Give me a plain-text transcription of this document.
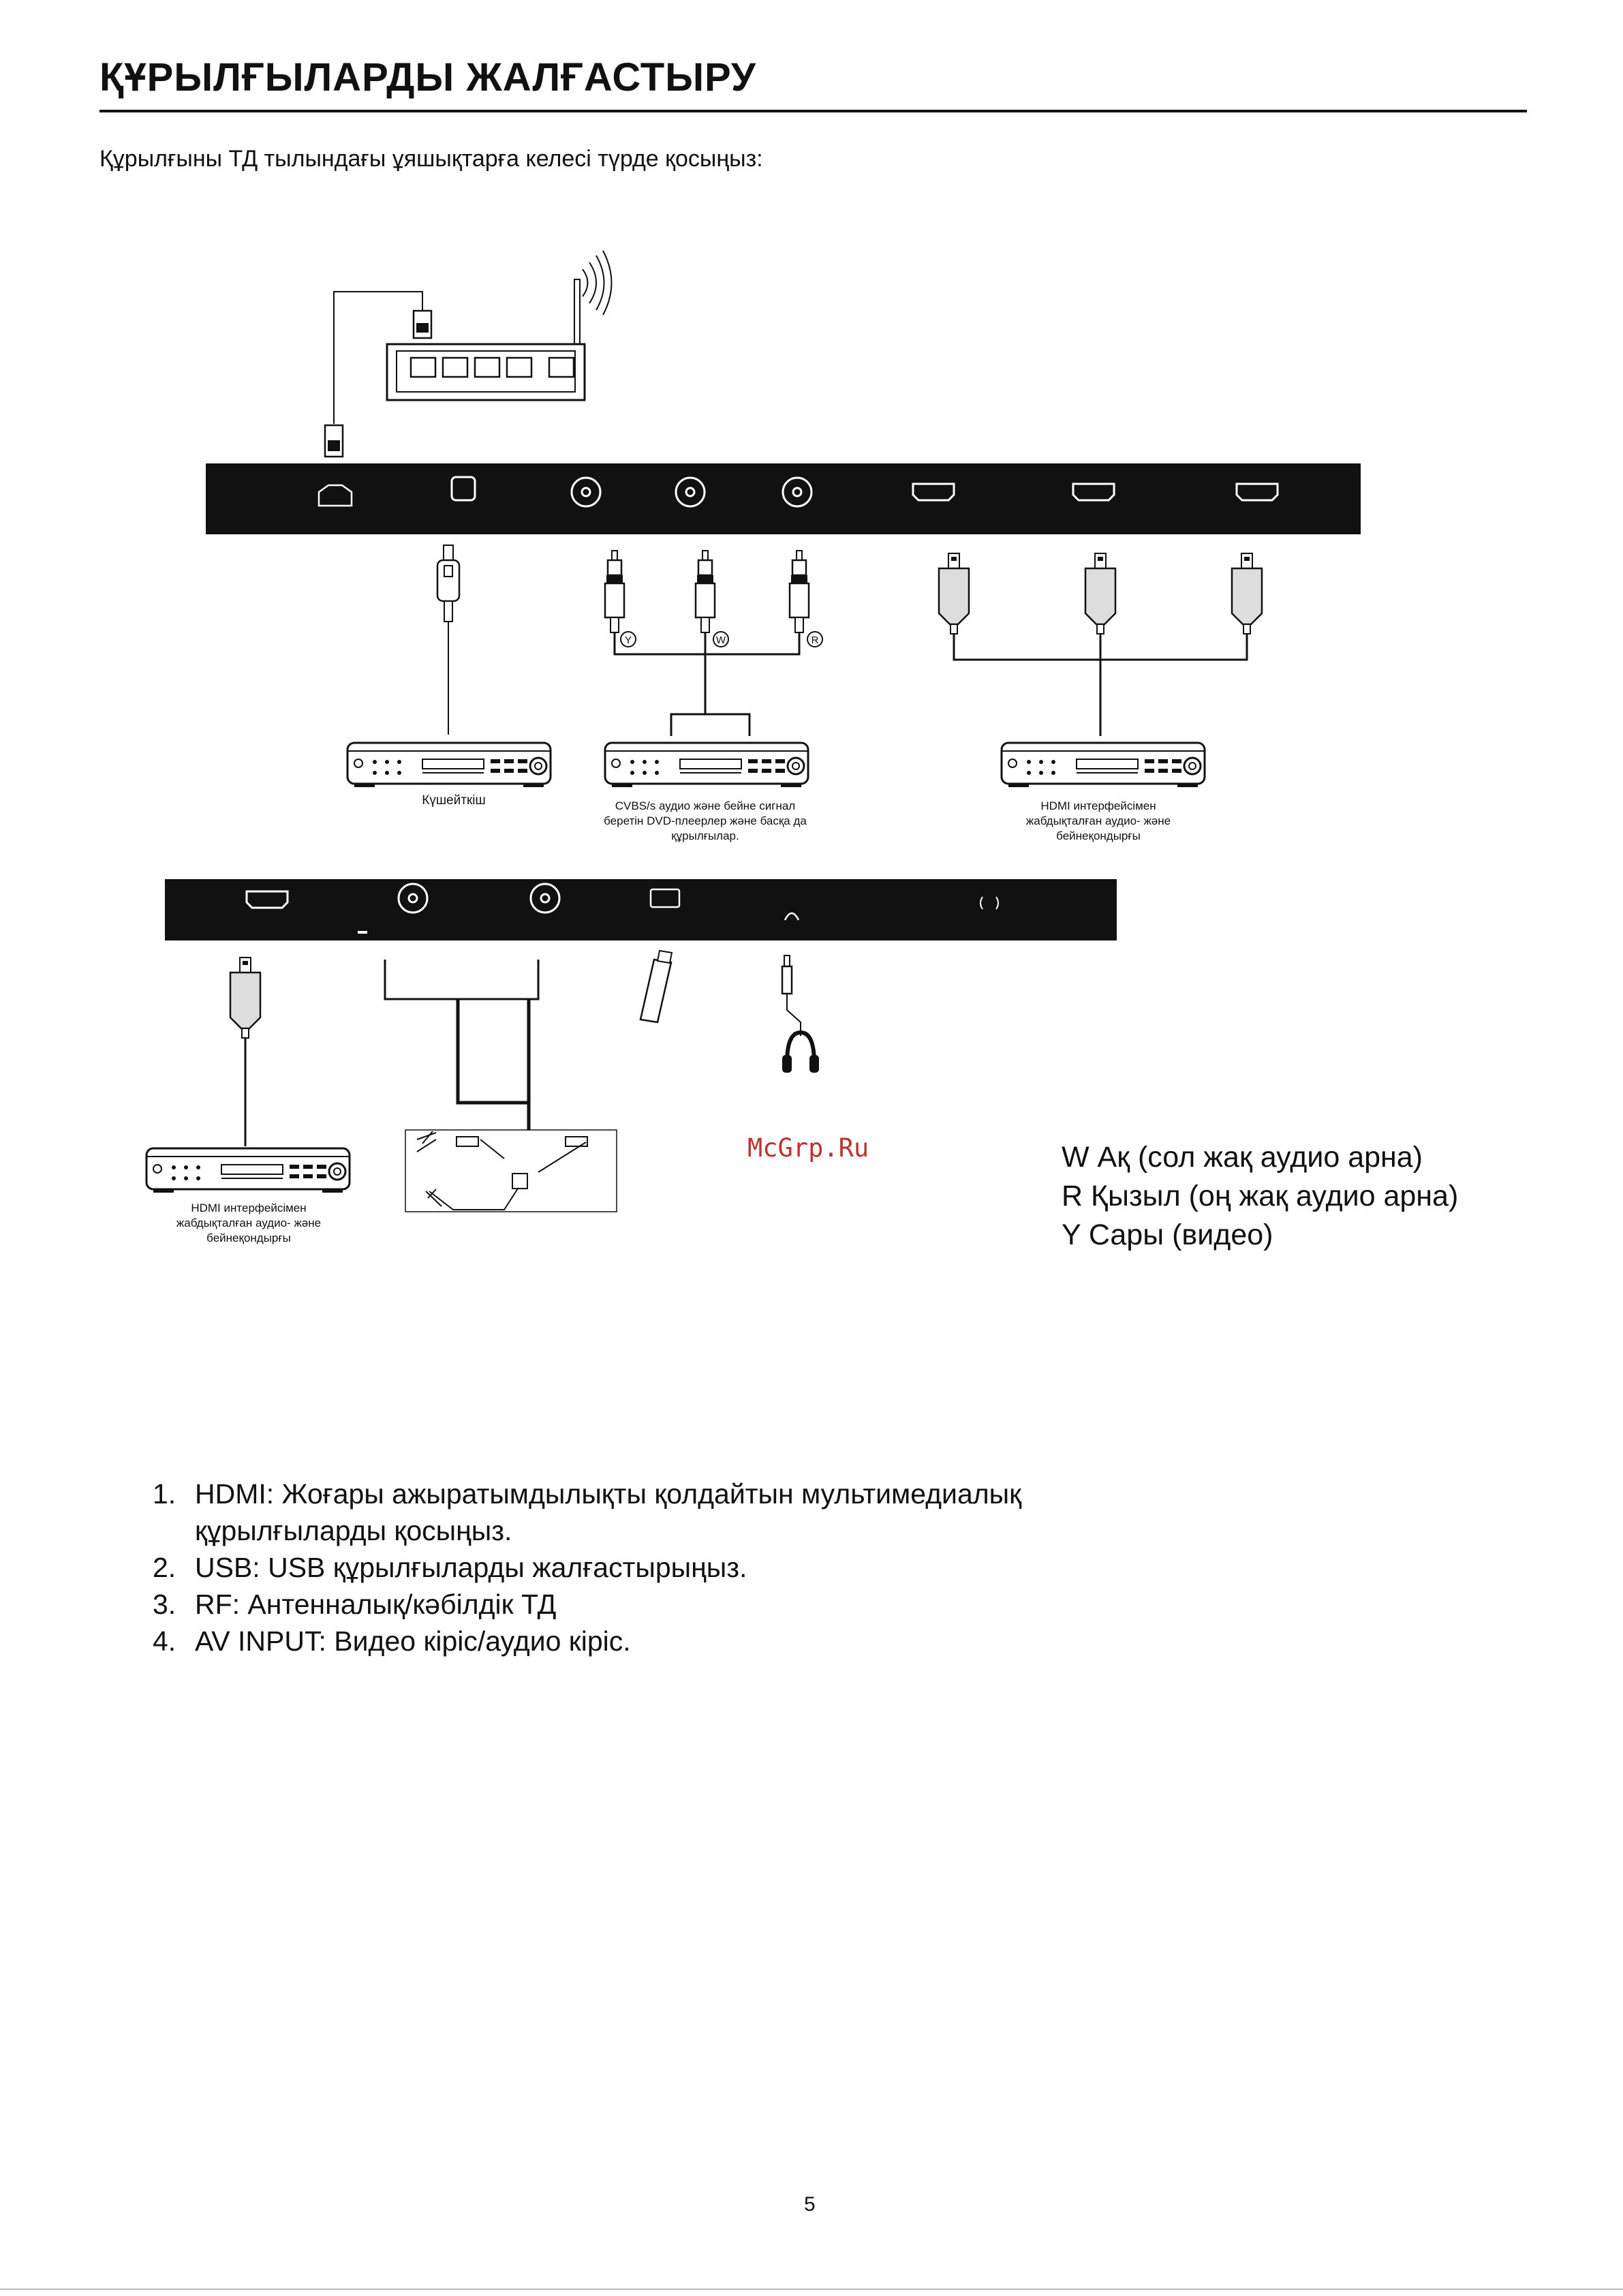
ҚҰРЫЛҒЫЛАРДЫ ЖАЛҒАСТЫРУ
Құрылғыны ТД тылындағы ұяшықтарға келесі түрде қосыңыз:
Y	W	R
Күшейткіш	CVBS/s аудио және бейне сигнал
беретін DVD-плеерлер және басқа да
құрылғылар.
HDMI интерфейсімен
жабдықталған аудио- және
бейнеқондырғы
HDMI интерфейсімен
жабдықталған аудио- және
бейнеқондырғы
McGrp.Ru	W Ақ (сол жақ аудио арна)
R Қызыл (оң жақ аудио арна)
Y Сары (видео)
1. HDMI: Жоғары ажыратымдылықты қолдайтын мультимедиалық құрылғыларды қосыңыз.
2. USB: USB құрылғыларды жалғастырыңыз.
3. RF: Антенналық/кәбілдік ТД
4. AV INPUT: Видео кіріс/аудио кіріс.
5
